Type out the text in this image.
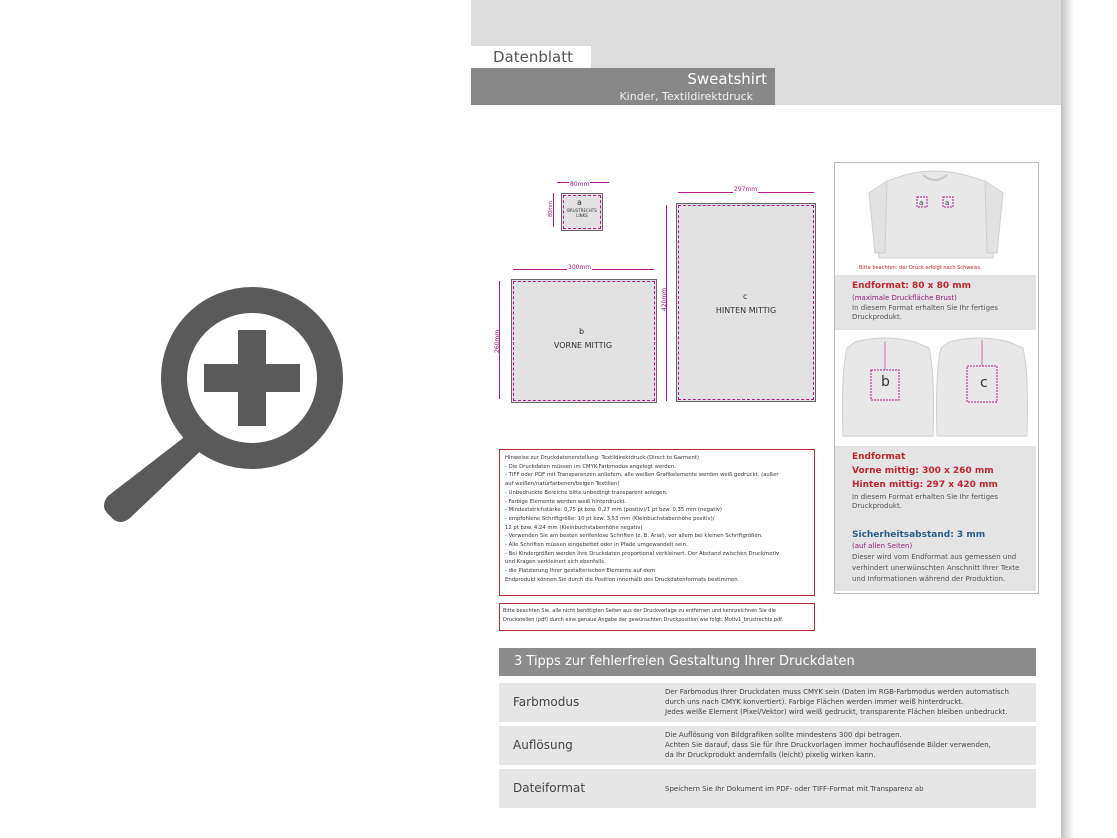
Datenblatt
Sweatshirt
Kinder, Textildirektdruck
80mm
80mm	a
BRUSTRECHTS LINKS
297mm
420mm	c
HINTEN MITTIG
300mm
260mm	b
VORNE MITTIG
a	a
Bitte beachten: der Druck erfolgt nach Schweiss.
Endformat: 80 x 80 mm
(maximale Druckfläche Brust)
In diesem Format erhalten Sie Ihr fertiges
Druckprodukt.
b	c
Endformat
Vorne mittig: 300 x 260 mm
Hinten mittig: 297 x 420 mm
In diesem Format erhalten Sie Ihr fertiges
Druckprodukt.
Sicherheitsabstand: 3 mm
(auf allen Seiten)
Dieser wird vom Endformat aus gemessen und
verhindert unerwünschten Anschnitt Ihrer Texte
und Informationen während der Produktion.
Hinweise zur Druckdatenerstellung: Textildirektdruck (Direct to Garment)
- Die Druckdaten müssen im CMYK-Farbmodus angelegt werden.
- TIFF oder PDF mit Transparenzen anliefern, alle weißen Grafikelemente werden weiß gedruckt. (außer
auf weißen/naturfarbenen/beigen Textilien)
- Unbedruckte Bereiche bitte unbedingt transparent anlegen.
- Farbige Elemente werden weiß hinterdruckt.
- Mindeststrichstärke: 0,75 pt bzw. 0,27 mm (positiv)/1 pt bzw. 0,35 mm (negativ)
- empfohlene Schriftgröße: 10 pt bzw. 3,53 mm (Kleinbuchstabenhöhe positiv)/
12 pt bzw. 4,24 mm (Kleinbuchstabenhöhe negativ)
- Verwenden Sie am besten serifenlose Schriften (z. B. Arial), vor allem bei kleinen Schriftgrößen.
- Alle Schriften müssen eingebettet oder in Pfade umgewandelt sein.
- Bei Kindergrößen werden Ihre Druckdaten proportional verkleinert. Der Abstand zwischen Druckmotiv
und Kragen verkleinert sich ebenfalls.
- die Platzierung Ihrer gestalterischen Elemente auf dem
Endprodukt können Sie durch die Position innerhalb des Druckdatenformats bestimmen.
Bitte beachten Sie, alle nicht benötigten Seiten aus der Druckvorlage zu entfernen und kennzeichnen Sie die
Druckstellen (pdf) durch eine genaue Angabe der gewünschten Druckposition wie folgt: Motiv1_brustrechts.pdf.
3 Tipps zur fehlerfreien Gestaltung Ihrer Druckdaten
Farbmodus
Der Farbmodus Ihrer Druckdaten muss CMYK sein (Daten im RGB-Farbmodus werden automatisch
durch uns nach CMYK konvertiert). Farbige Flächen werden immer weiß hinterdruckt.
Jedes weiße Element (Pixel/Vektor) wird weiß gedruckt, transparente Flächen bleiben unbedruckt.
Auflösung
Die Auflösung von Bildgrafiken sollte mindestens 300 dpi betragen.
Achten Sie darauf, dass Sie für Ihre Druckvorlagen immer hochauflösende Bilder verwenden,
da Ihr Druckprodukt andernfalls (leicht) pixelig wirken kann.
Dateiformat	Speichern Sie Ihr Dokument im PDF- oder TIFF-Format mit Transparenz ab
